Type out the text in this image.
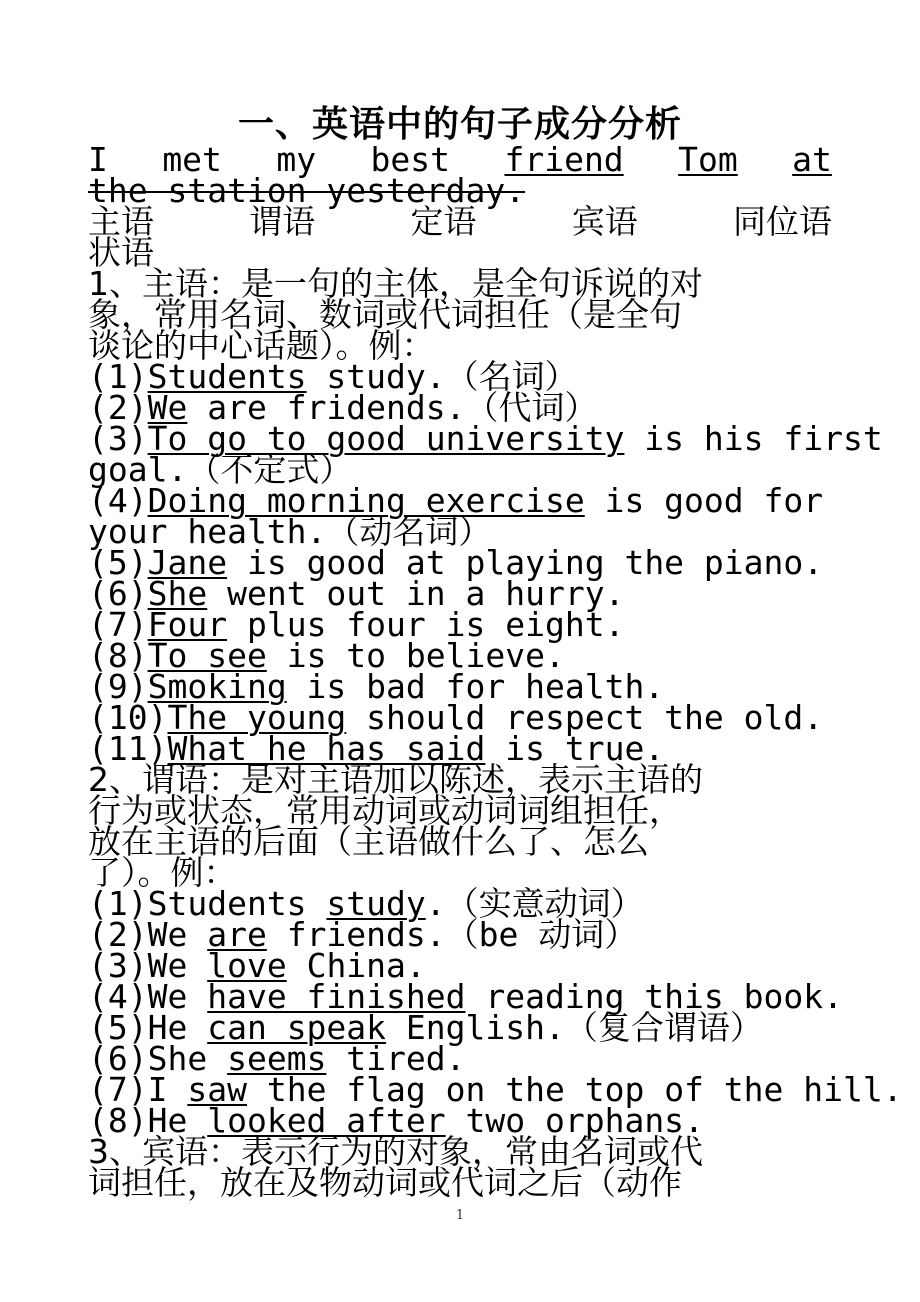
一、英语中的句子成分分析
I met my best friend Tom at
the station yesterday.
主语	谓语	定语	宾语	同位语
状语
1、主语：是一句的主体，是全句诉说的对
象，常用名词、数词或代词担任（是全句
谈论的中心话题）。例：
(1)Students study.（名词）
(2)We are fridends.（代词）
(3)To go to good university is his first
goal.（不定式）
(4)Doing morning exercise is good for
your health.（动名词）
(5)Jane is good at playing the piano.
(6)She went out in a hurry.
(7)Four plus four is eight.
(8)To see is to believe.
(9)Smoking is bad for health.
(10)The young should respect the old.
(11)What he has said is true.
2、谓语：是对主语加以陈述，表示主语的
行为或状态，常用动词或动词词组担任，
放在主语的后面（主语做什么了、怎么
了）。例：
(1)Students study.（实意动词）
(2)We are friends.（be 动词）
(3)We love China.
(4)We have finished reading this book.
(5)He can speak English.（复合谓语）
(6)She seems tired.
(7)I saw the flag on the top of the hill.
(8)He looked after two orphans.
3、宾语：表示行为的对象，常由名词或代
词担任，放在及物动词或代词之后（动作
1
